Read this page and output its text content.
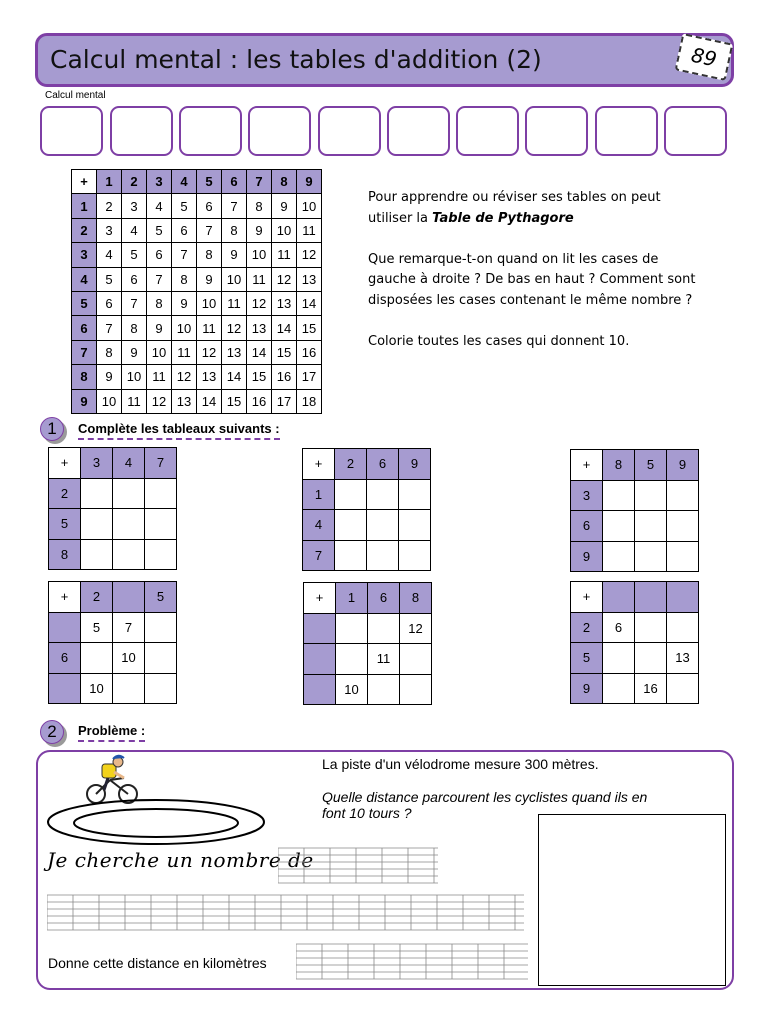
Calcul mental : les tables d'addition (2)	89
Calcul mental
+	1	2	3	4	5	6	7	8	9
1	2	3	4	5	6	7	8	9	10
2	3	4	5	6	7	8	9	10	11
3	4	5	6	7	8	9	10	11	12
4	5	6	7	8	9	10	11	12	13
5	6	7	8	9	10	11	12	13	14
6	7	8	9	10	11	12	13	14	15
7	8	9	10	11	12	13	14	15	16
8	9	10	11	12	13	14	15	16	17
9	10	11	12	13	14	15	16	17	18

Pour apprendre ou réviser ses tables on peut utiliser la Table de Pythagore

Que remarque-t-on quand on lit les cases de gauche à droite ? De bas en haut ? Comment sont disposées les cases contenant le même nombre ?

Colorie toutes les cases qui donnent 10.

1	Complète les tableaux suivants :
+	3	4	7
2			
5			
8			
+	2	6	9
1			
4			
7			
+	8	5	9
3			
6			
9			
+	2		5
	5	7	
6		10	
	10		
+	1	6	8
			12
		11	
	10		
+			
2	6		
5			13
9		16	
2	Problème :
La piste d'un vélodrome mesure 300 mètres.
Quelle distance parcourent les cyclistes quand ils en font 10 tours ?
Je cherche un nombre de
Donne cette distance en kilomètres
